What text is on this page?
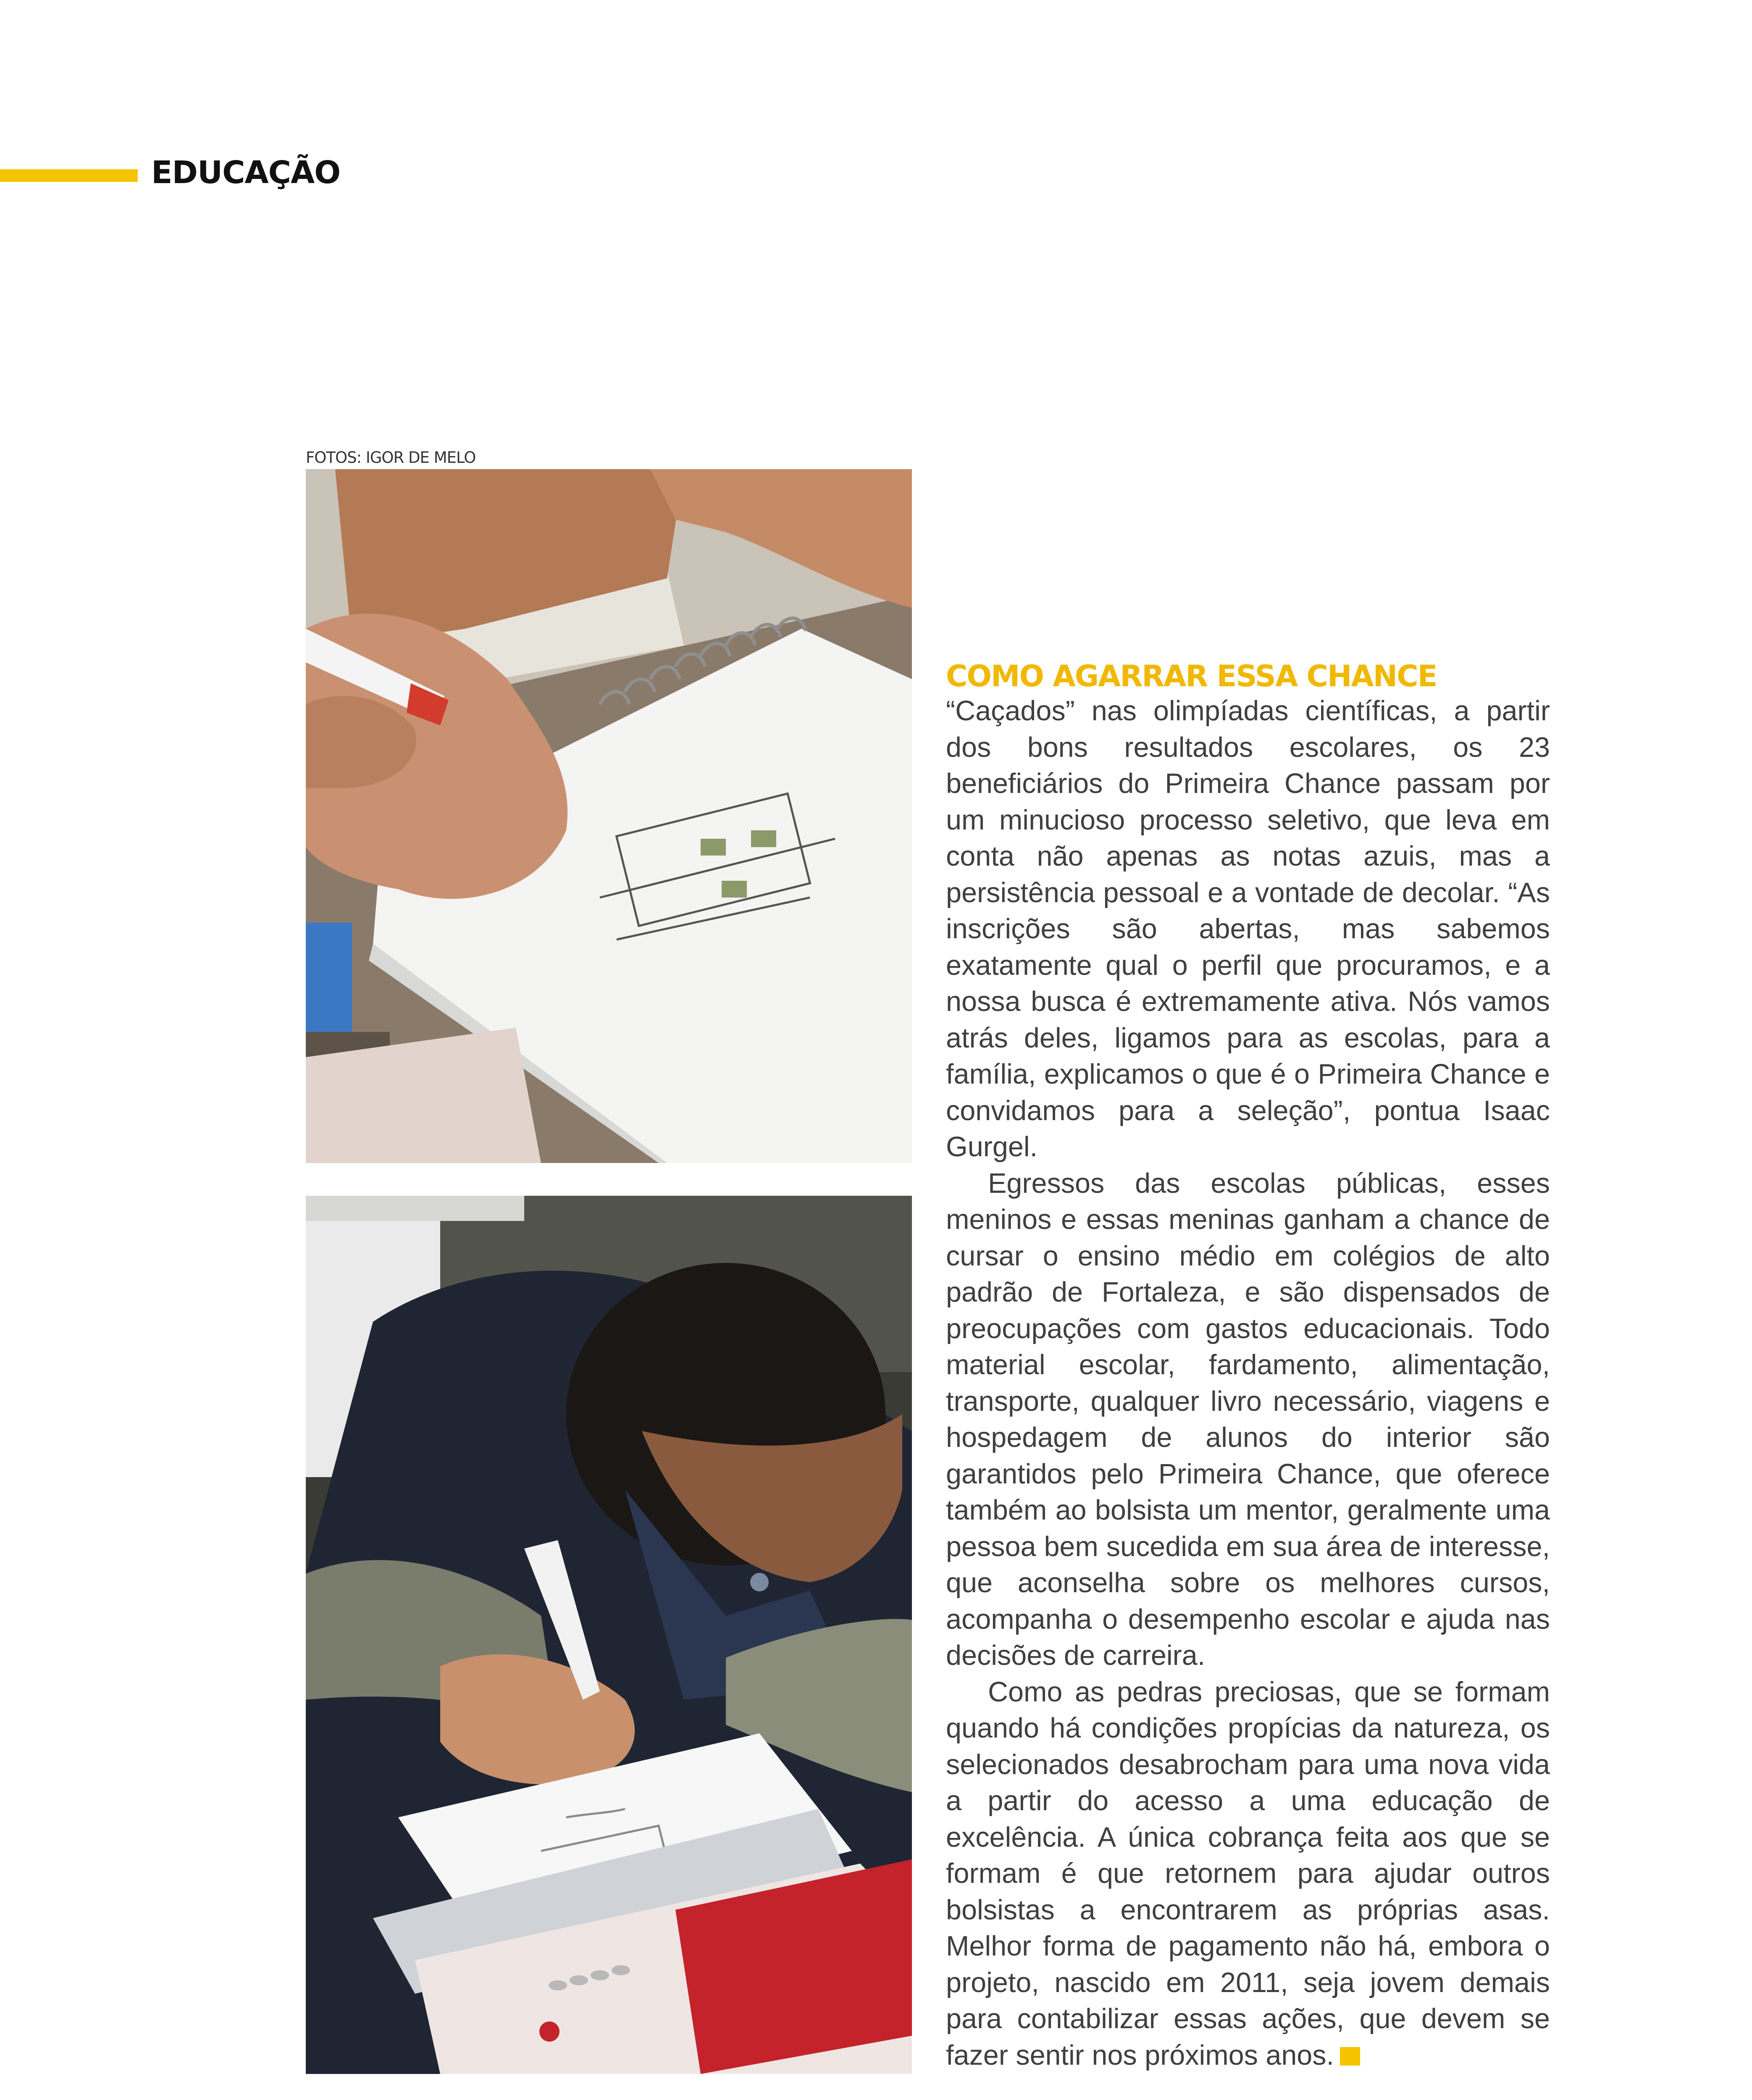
EDUCAÇÃO
FOTOS: IGOR DE MELO
COMO AGARRAR ESSA CHANCE

“Caçados” nas olimpíadas científicas, a partir dos bons resultados escolares, os 23 beneficiários do Primeira Chance passam por um minucioso processo seletivo, que leva em conta não apenas as notas azuis, mas a persistência pessoal e a vontade de decolar. “As inscrições são abertas, mas sabemos exatamente qual o perfil que procuramos, e a nossa busca é extremamente ativa. Nós vamos atrás deles, ligamos para as escolas, para a família, explicamos o que é o Primeira Chance e convidamos para a seleção”, pontua Isaac Gurgel.

Egressos das escolas públicas, esses meninos e essas meninas ganham a chance de cursar o ensino médio em colégios de alto padrão de Fortaleza, e são dispensados de preocupações com gastos educacionais. Todo material escolar, fardamento, alimentação, transporte, qualquer livro necessário, viagens e hospedagem de alunos do interior são garantidos pelo Primeira Chance, que oferece também ao bolsista um mentor, geralmente uma pessoa bem sucedida em sua área de interesse, que aconselha sobre os melhores cursos, acompanha o desempenho escolar e ajuda nas decisões de carreira.

Como as pedras preciosas, que se formam quando há condições propícias da natureza, os selecionados desabrocham para uma nova vida a partir do acesso a uma educação de excelência. A única cobrança feita aos que se formam é que retornem para ajudar outros bolsistas a encontrarem as próprias asas. Melhor forma de pagamento não há, embora o projeto, nascido em 2011, seja jovem demais para contabilizar essas ações, que devem se fazer sentir nos próximos anos.
